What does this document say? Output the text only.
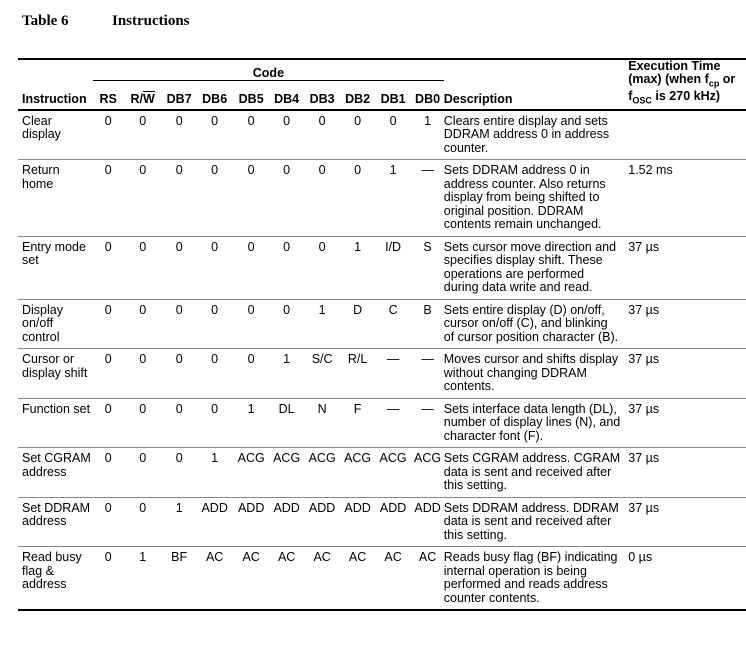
Table 6	Instructions
	Code											Execution Time
(max) (when $f_{cp}$ or
$f_{OSC}$ is 270 kHz)
Instruction	RS	$R/\overline{W}$	DB7	DB6	DB5	DB4	DB3	DB2	DB1	DB0	Description	
Clear display	0	0	0	0	0	0	0	0	0	1	Clears entire display and sets DDRAM address 0 in address counter.	
Return home	0	0	0	0	0	0	0	0	1	—	Sets DDRAM address 0 in address counter. Also returns display from being shifted to original position. DDRAM contents remain unchanged.	1.52 ms
Entry mode set	0	0	0	0	0	0	0	1	I/D	S	Sets cursor move direction and specifies display shift. These operations are performed during data write and read.	37 µs
Display on/off control	0	0	0	0	0	0	1	D	C	B	Sets entire display (D) on/off, cursor on/off (C), and blinking of cursor position character (B).	37 µs
Cursor or display shift	0	0	0	0	0	1	S/C	R/L	—	—	Moves cursor and shifts display without changing DDRAM contents.	37 µs
Function set	0	0	0	0	1	DL	N	F	—	—	Sets interface data length (DL), number of display lines (N), and character font (F).	37 µs
Set CGRAM address	0	0	0	1	ACG	ACG	ACG	ACG	ACG	ACG	Sets CGRAM address. CGRAM data is sent and received after this setting.	37 µs
Set DDRAM address	0	0	1	ADD	ADD	ADD	ADD	ADD	ADD	ADD	Sets DDRAM address. DDRAM data is sent and received after this setting.	37 µs
Read busy flag & address	0	1	BF	AC	AC	AC	AC	AC	AC	AC	Reads busy flag (BF) indicating internal operation is being performed and reads address counter contents.	0 µs
